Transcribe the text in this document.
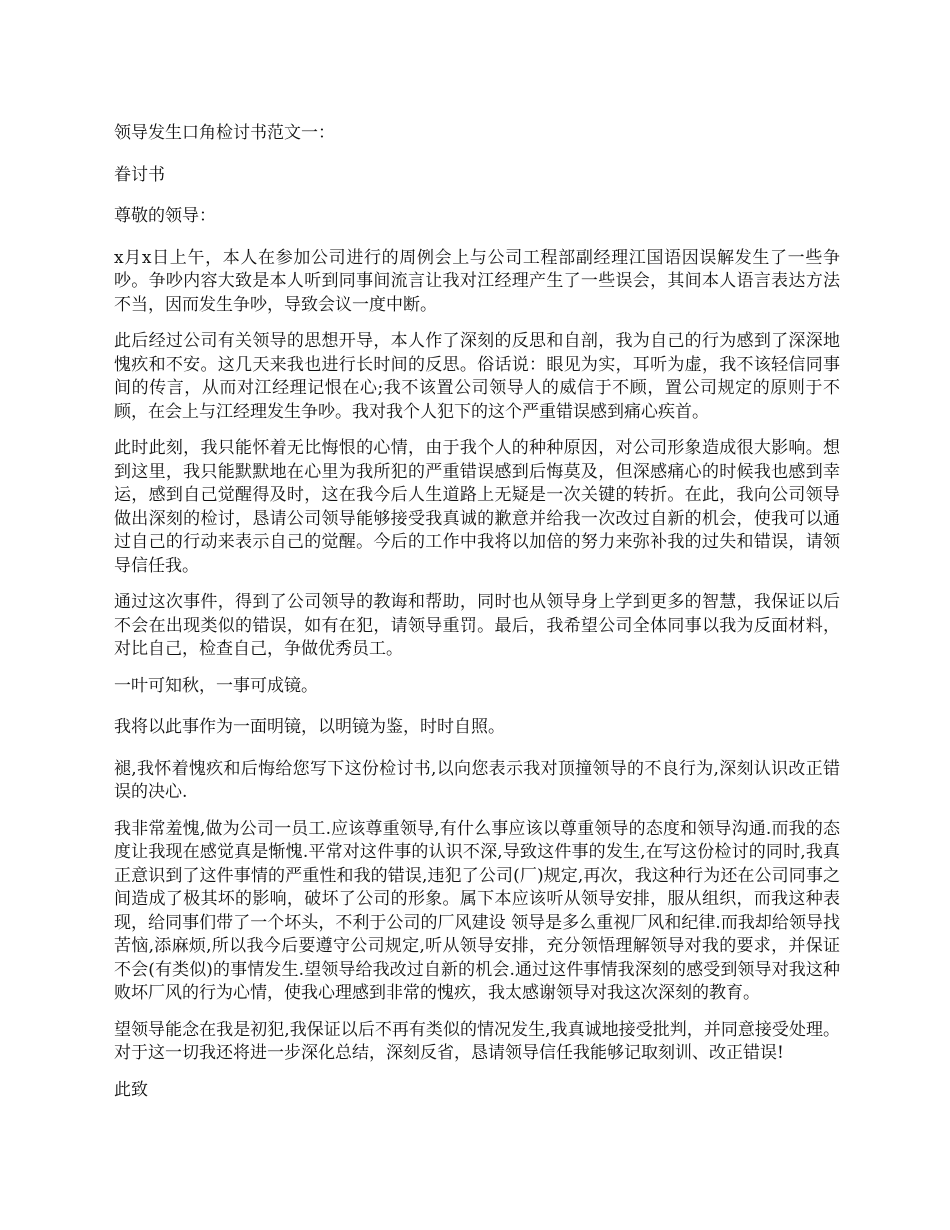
领导发生口角检讨书范文一：

眷讨书

尊敬的领导：

x月x日上午，本人在参加公司进行的周例会上与公司工程部副经理江国语因误解发生了一些争吵。争吵内容大致是本人听到同事间流言让我对江经理产生了一些误会，其间本人语言表达方法不当，因而发生争吵，导致会议一度中断。

此后经过公司有关领导的思想开导，本人作了深刻的反思和自剖，我为自己的行为感到了深深地愧疚和不安。这几天来我也进行长时间的反思。俗话说：眼见为实，耳听为虚，我不该轻信同事间的传言，从而对江经理记恨在心;我不该置公司领导人的威信于不顾，置公司规定的原则于不顾，在会上与江经理发生争吵。我对我个人犯下的这个严重错误感到痛心疾首。

此时此刻，我只能怀着无比悔恨的心情，由于我个人的种种原因，对公司形象造成很大影响。想到这里，我只能默默地在心里为我所犯的严重错误感到后悔莫及，但深感痛心的时候我也感到幸运，感到自己觉醒得及时，这在我今后人生道路上无疑是一次关键的转折。在此，我向公司领导做出深刻的检讨，恳请公司领导能够接受我真诚的歉意并给我一次改过自新的机会，使我可以通过自己的行动来表示自己的觉醒。今后的工作中我将以加倍的努力来弥补我的过失和错误，请领导信任我。

通过这次事件，得到了公司领导的教诲和帮助，同时也从领导身上学到更多的智慧，我保证以后不会在出现类似的错误，如有在犯，请领导重罚。最后，我希望公司全体同事以我为反面材料，对比自己，检查自己，争做优秀员工。

一叶可知秋，一事可成镜。

我将以此事作为一面明镜，以明镜为鉴，时时自照。

褪,我怀着愧疚和后悔给您写下这份检讨书,以向您表示我对顶撞领导的不良行为,深刻认识改正错误的决心.

我非常羞愧,做为公司一员工.应该尊重领导,有什么事应该以尊重领导的态度和领导沟通.而我的态度让我现在感觉真是惭愧.平常对这件事的认识不深,导致这件事的发生,在写这份检讨的同时,我真正意识到了这件事情的严重性和我的错误,违犯了公司(厂)规定,再次，我这种行为还在公司同事之间造成了极其坏的影响，破坏了公司的形象。属下本应该听从领导安排，服从组织，而我这种表现，给同事们带了一个坏头，不利于公司的厂风建设 领导是多么重视厂风和纪律.而我却给领导找苦恼,添麻烦,所以我今后要遵守公司规定,听从领导安排，充分领悟理解领导对我的要求，并保证不会(有类似)的事情发生.望领导给我改过自新的机会.通过这件事情我深刻的感受到领导对我这种败坏厂风的行为心情，使我心理感到非常的愧疚，我太感谢领导对我这次深刻的教育。

望领导能念在我是初犯,我保证以后不再有类似的情况发生,我真诚地接受批判，并同意接受处理。对于这一切我还将进一步深化总结，深刻反省，恳请领导信任我能够记取刻训、改正错误!

此致
